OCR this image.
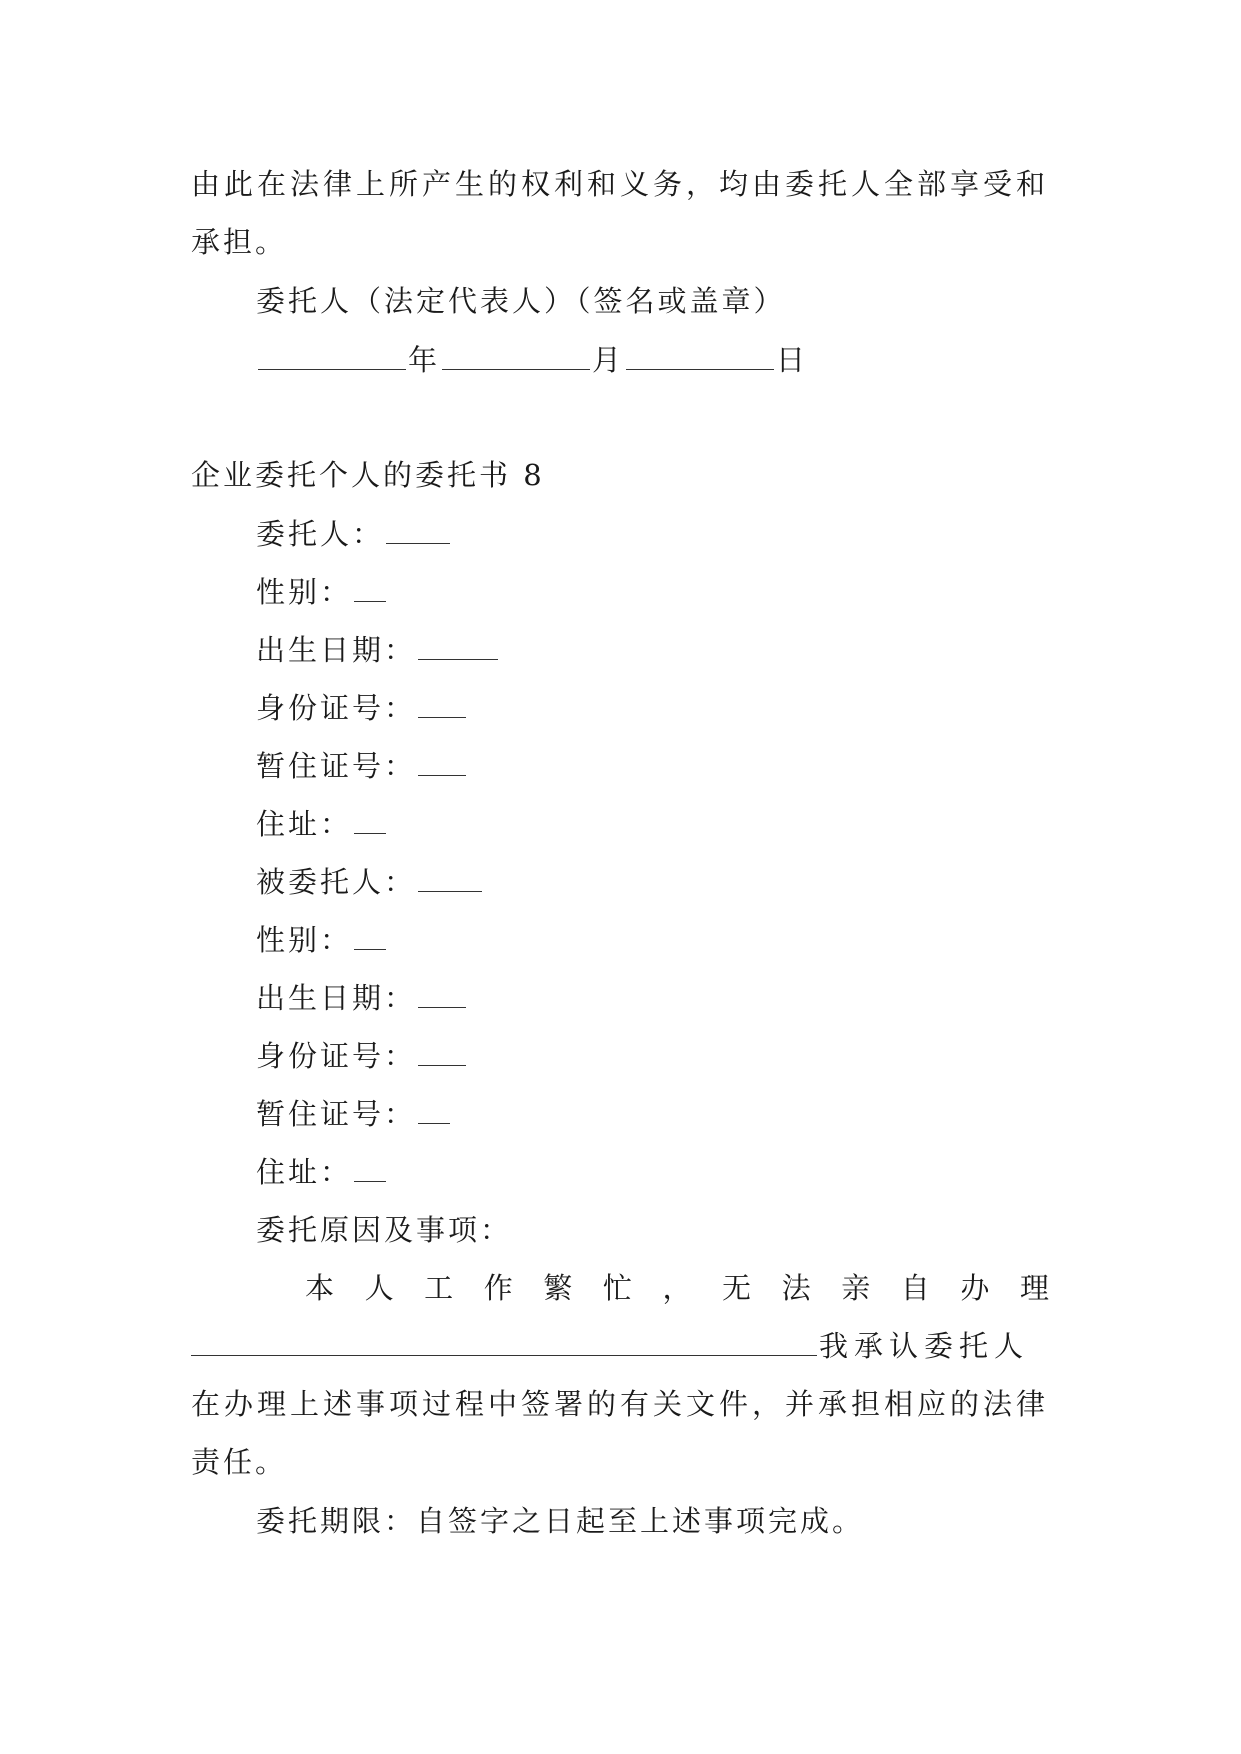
由此在法律上所产生的权利和义务，均由委托人全部享受和
承担。
委托人（法定代表人）（签名或盖章）
年	月	日
企业委托个人的委托书 8
委托人：
性别：
出生日期：
身份证号：
暂住证号：
住址：
被委托人：
性别：
出生日期：
身份证号：
暂住证号：
住址：
委托原因及事项：
本 人 工 作 繁 忙 ， 无 法 亲 自 办 理
我承认委托人
在办理上述事项过程中签署的有关文件，并承担相应的法律
责任。
委托期限：自签字之日起至上述事项完成。
